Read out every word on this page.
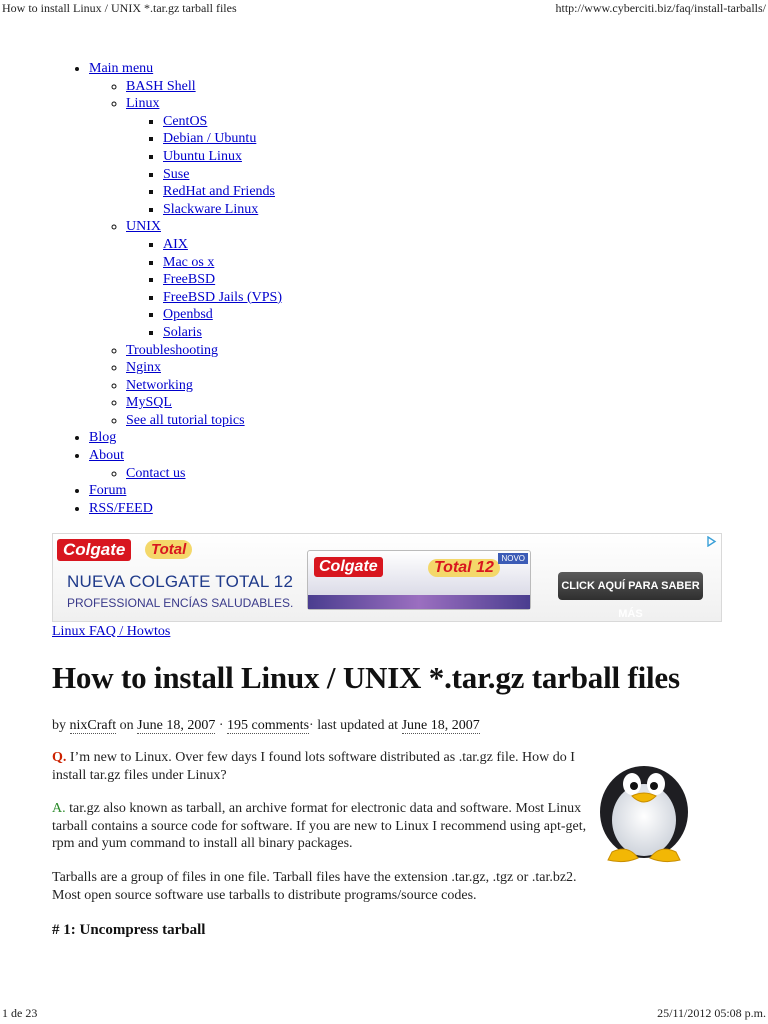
How to install Linux / UNIX *.tar.gz tarball files	http://www.cyberciti.biz/faq/install-tarballs/
• Main menu
◦ BASH Shell
◦ Linux
▪ CentOS
▪ Debian / Ubuntu
▪ Ubuntu Linux
▪ Suse
▪ RedHat and Friends
▪ Slackware Linux
◦ UNIX
▪ AIX
▪ Mac os x
▪ FreeBSD
▪ FreeBSD Jails (VPS)
▪ Openbsd
▪ Solaris
◦ Troubleshooting
◦ Nginx
◦ Networking
◦ MySQL
◦ See all tutorial topics
• Blog
• About
◦ Contact us
• Forum
• RSS/FEED
Colgate	Total
NUEVA COLGATE TOTAL 12
PROFESSIONAL ENCÍAS SALUDABLES.
Colgate	Total 12
NOVO
CLICK AQUÍ PARA SABER MÁS
Linux FAQ / Howtos
How to install Linux / UNIX *.tar.gz tarball files
by nixCraft on June 18, 2007 · 195 comments· last updated at June 18, 2007

Q. I’m new to Linux. Over few days I found lots software distributed as .tar.gz file. How do I install tar.gz files under Linux?

A. tar.gz also known as tarball, an archive format for electronic data and software. Most Linux tarball contains a source code for software. If you are new to Linux I recommend using apt-get, rpm and yum command to install all binary packages.

Tarballs are a group of files in one file. Tarball files have the extension .tar.gz, .tgz or .tar.bz2. Most open source software use tarballs to distribute programs/source codes.

# 1: Uncompress tarball
1 de 23	25/11/2012 05:08 p.m.
